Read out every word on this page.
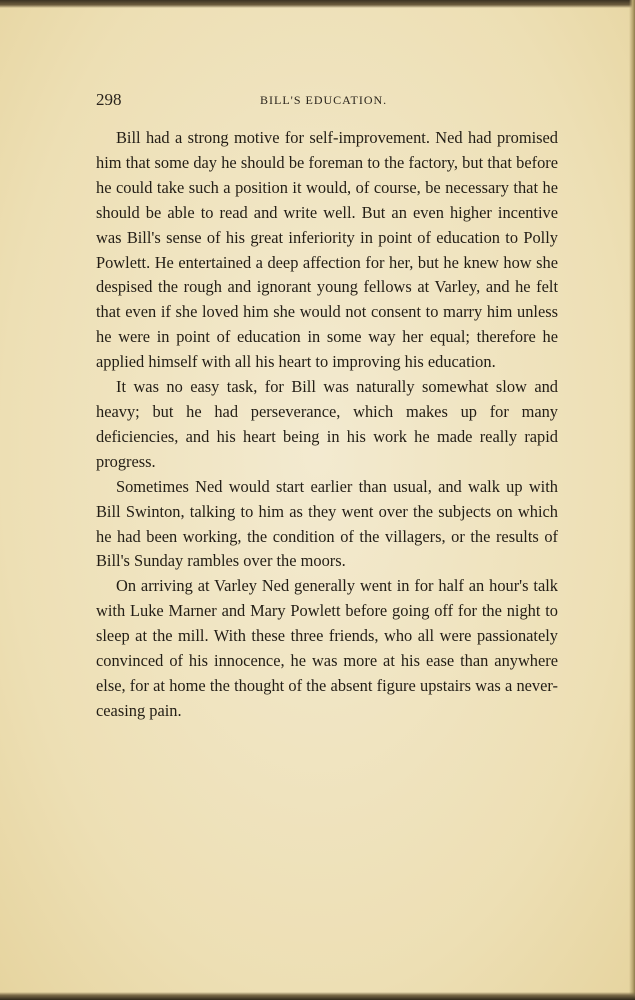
298	BILL'S EDUCATION.

Bill had a strong motive for self-improvement. Ned had promised him that some day he should be foreman to the factory, but that before he could take such a position it would, of course, be necessary that he should be able to read and write well. But an even higher incentive was Bill's sense of his great inferiority in point of education to Polly Powlett. He entertained a deep affection for her, but he knew how she despised the rough and ignorant young fellows at Varley, and he felt that even if she loved him she would not consent to marry him unless he were in point of education in some way her equal; therefore he applied himself with all his heart to improving his education.

It was no easy task, for Bill was naturally somewhat slow and heavy; but he had perseverance, which makes up for many deficiencies, and his heart being in his work he made really rapid progress.

Sometimes Ned would start earlier than usual, and walk up with Bill Swinton, talking to him as they went over the subjects on which he had been working, the condition of the villagers, or the results of Bill's Sunday rambles over the moors.

On arriving at Varley Ned generally went in for half an hour's talk with Luke Marner and Mary Powlett before going off for the night to sleep at the mill. With these three friends, who all were passionately convinced of his innocence, he was more at his ease than anywhere else, for at home the thought of the absent figure upstairs was a never-ceasing pain.
